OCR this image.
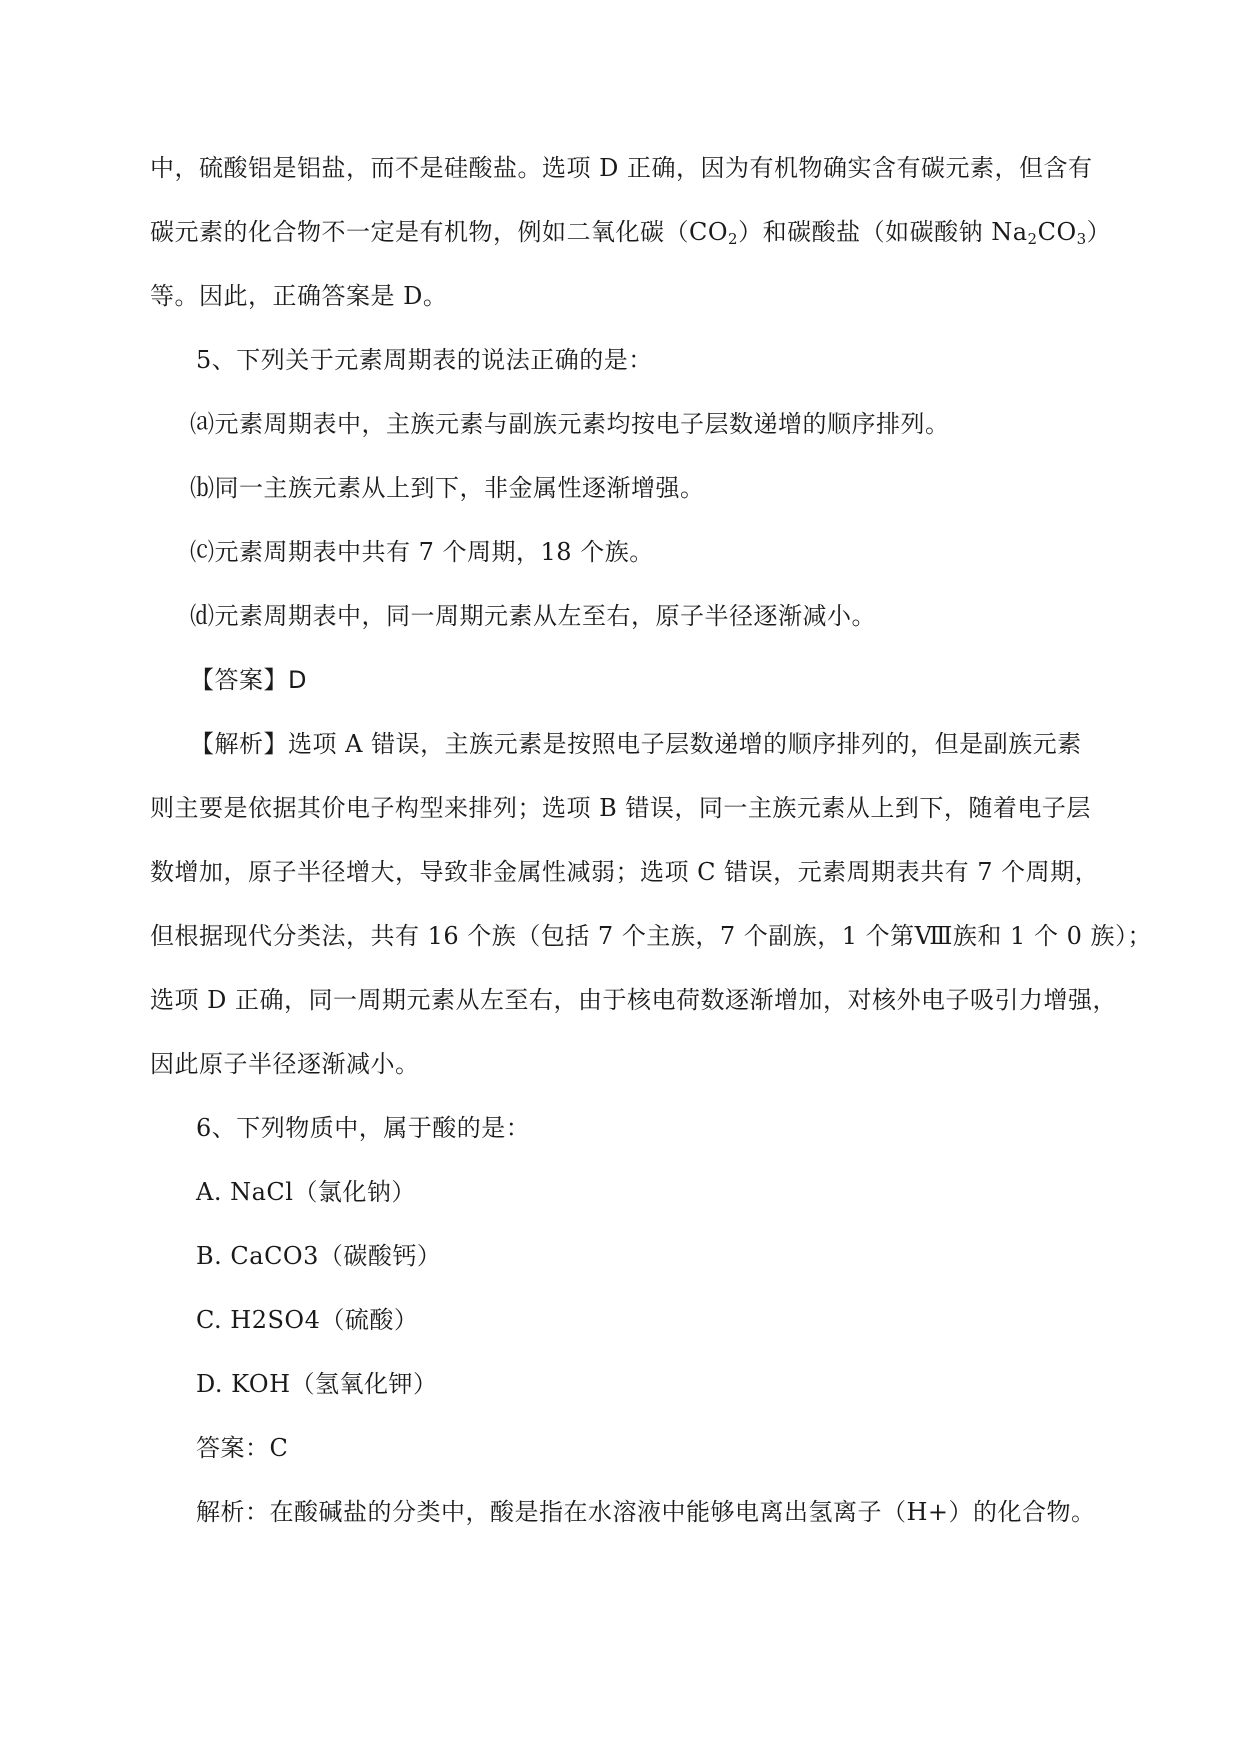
中，硫酸铝是铝盐，而不是硅酸盐。选项 D 正确，因为有机物确实含有碳元素，但含有
碳元素的化合物不一定是有机物，例如二氧化碳$(CO_2)$和碳酸盐（如碳酸钠 $Na_2CO_3$）
等。因此，正确答案是 D。
5、下列关于元素周期表的说法正确的是：
⒜元素周期表中，主族元素与副族元素均按电子层数递增的顺序排列。
⒝同一主族元素从上到下，非金属性逐渐增强。
⒞元素周期表中共有 7 个周期，18 个族。
⒟元素周期表中，同一周期元素从左至右，原子半径逐渐减小。
【答案】D
【解析】选项 A 错误，主族元素是按照电子层数递增的顺序排列的，但是副族元素
则主要是依据其价电子构型来排列；选项 B 错误，同一主族元素从上到下，随着电子层
数增加，原子半径增大，导致非金属性减弱；选项 C 错误，元素周期表共有 7 个周期，
但根据现代分类法，共有 16 个族（包括 7 个主族，7 个副族，1 个第Ⅷ族和 1 个 0 族）；
选项 D 正确，同一周期元素从左至右，由于核电荷数逐渐增加，对核外电子吸引力增强，
因此原子半径逐渐减小。
6、下列物质中，属于酸的是：
A. NaCl（氯化钠）
B. CaCO3（碳酸钙）
C. H2SO4（硫酸）
D. KOH（氢氧化钾）
答案：C
解析：在酸碱盐的分类中，酸是指在水溶液中能够电离出氢离子（H+）的化合物。
